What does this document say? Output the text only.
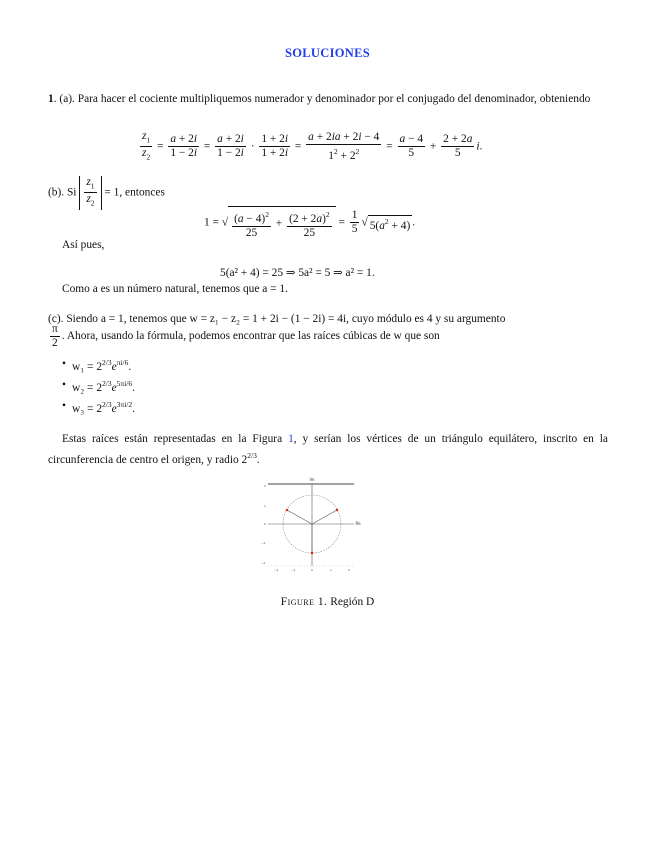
SOLUCIONES
1. (a). Para hacer el cociente multipliquemos numerador y denominador por el conjugado del denominador, obteniendo
$\frac{z_1}{z_2} = \frac{a + 2i}{1 - 2i} = \frac{a + 2i}{1 - 2i} \cdot \frac{1 + 2i}{1 + 2i} = \frac{a + 2ia + 2i - 4}{1^2 + 2^2} = \frac{a - 4}{5} + \frac{2 + 2a}{5} i$.
(b). Si $\frac{z_1}{z_2} = 1$, entonces
1 = √ $\frac{(a - 4)^2}{25} + \frac{(2 + 2a)^2}{25} = \frac{1}{5}$ √ $5(a^2 + 4)$ .
Así pues,
5(a² + 4) = 25 ⇒ 5a² = 5 ⇒ a² = 1.
Como a es un número natural, tenemos que a = 1.
(c). Siendo a = 1, tenemos que w = z₁ − z₂ = 1 + 2i − (1 − 2i) = 4i, cuyo módulo es 4 y su argumento
$\frac{\pi}{2}$ . Ahora, usando la fórmula, podemos encontrar que las raíces cúbicas de w que son
• $w_1 = 2^{2/3}e^{\pi i/6}$.
• $w_2 = 2^{2/3}e^{5\pi i/6}$.
• $w_3 = 2^{2/3}e^{3\pi i/2}$.
Estas raíces están representadas en la Figura 1, y serían los vértices de un triángulo equilátero, inscrito en la circunferencia de centro el origen, y radio $2^{2/3}$.
Im
Re
2
1
0
−1
−2
−2	−1	0	1	2
Figure 1. Región D
